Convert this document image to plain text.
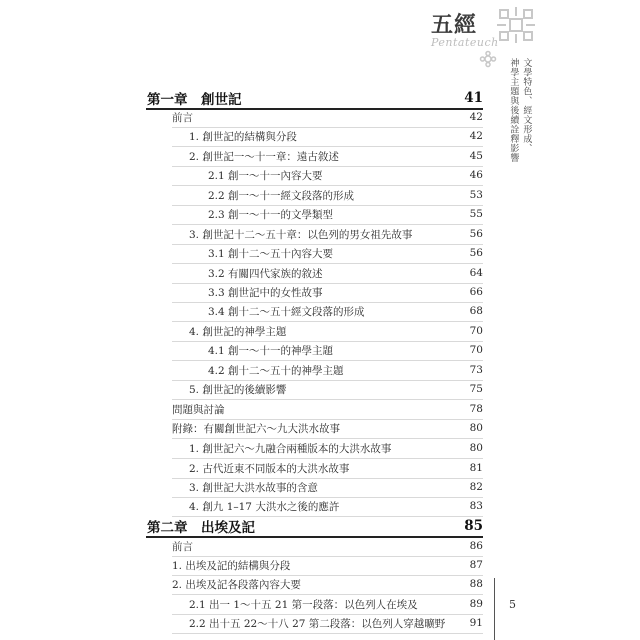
五經
Pentateuch
文學特色、經文形成、
神學主題與後續詮釋影響
5
第一章　創世記	41
前言	42
1. 創世記的結構與分段	42
2. 創世記一～十一章：遠古敘述	45
2.1 創一～十一內容大要	46
2.2 創一～十一經文段落的形成	53
2.3 創一～十一的文學類型	55
3. 創世記十二～五十章：以色列的男女祖先故事	56
3.1 創十二～五十內容大要	56
3.2 有關四代家族的敘述	64
3.3 創世記中的女性故事	66
3.4 創十二～五十經文段落的形成	68
4. 創世記的神學主題	70
4.1 創一～十一的神學主題	70
4.2 創十二～五十的神學主題	73
5. 創世記的後續影響	75
問題與討論	78
附錄：有關創世記六～九大洪水故事	80
1. 創世記六～九融合兩種版本的大洪水故事	80
2. 古代近東不同版本的大洪水故事	81
3. 創世記大洪水故事的含意	82
4. 創九 1–17 大洪水之後的應許	83
第二章　出埃及記	85
前言	86
1. 出埃及記的結構與分段	87
2. 出埃及記各段落內容大要	88
2.1 出一 1～十五 21 第一段落：以色列人在埃及	89
2.2 出十五 22～十八 27 第二段落：以色列人穿越曠野 91
